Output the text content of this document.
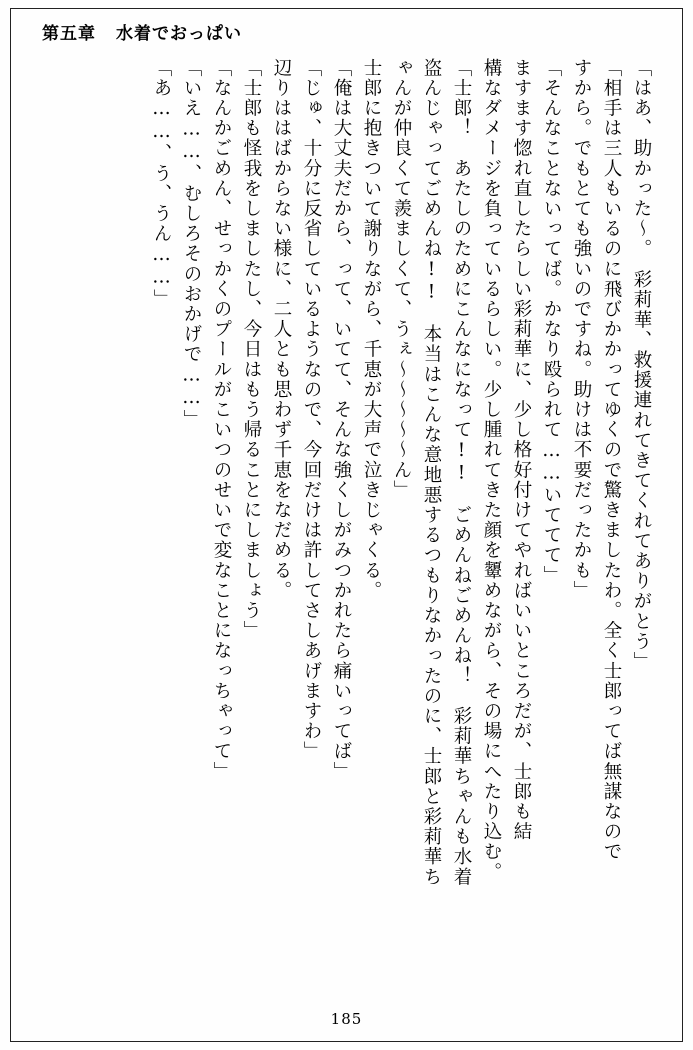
第五章 水着でおっぱい
「はあ、助かった～。　彩莉華、救援連れてきてくれてありがとう」
「相手は三人もいるのに飛びかかってゆくので驚きましたわ。全く士郎ってば無謀なので
すから。でもとても強いのですね。助けは不要だったかも」
「そんなことないってば。かなり殴られて……いててて」
ますます惚れ直したらしい彩莉華に、少し格好付けてやればいいところだが、士郎も結
構なダメージを負っているらしい。少し腫れてきた顔を顰めながら、その場にへたり込む。
「士郎！　あたしのためにこんなになって!!　ごめんねごめんね！　彩莉華ちゃんも水着
盗んじゃってごめんね!!　本当はこんな意地悪するつもりなかったのに、士郎と彩莉華ち
ゃんが仲良くて羨ましくて、うぇ～～～～～ん」
士郎に抱きついて謝りながら、千恵が大声で泣きじゃくる。
「俺は大丈夫だから、って、いてて、そんな強くしがみつかれたら痛いってば」
「じゅ、十分に反省しているようなので、今回だけは許してさしあげますわ」
辺りははばからない様に、二人とも思わず千恵をなだめる。
「士郎も怪我をしましたし、今日はもう帰ることにしましょう」
「なんかごめん、せっかくのプールがこいつのせいで変なことになっちゃって」
「いえ……、むしろそのおかげで……」
「あ……、う、うん……」
185
